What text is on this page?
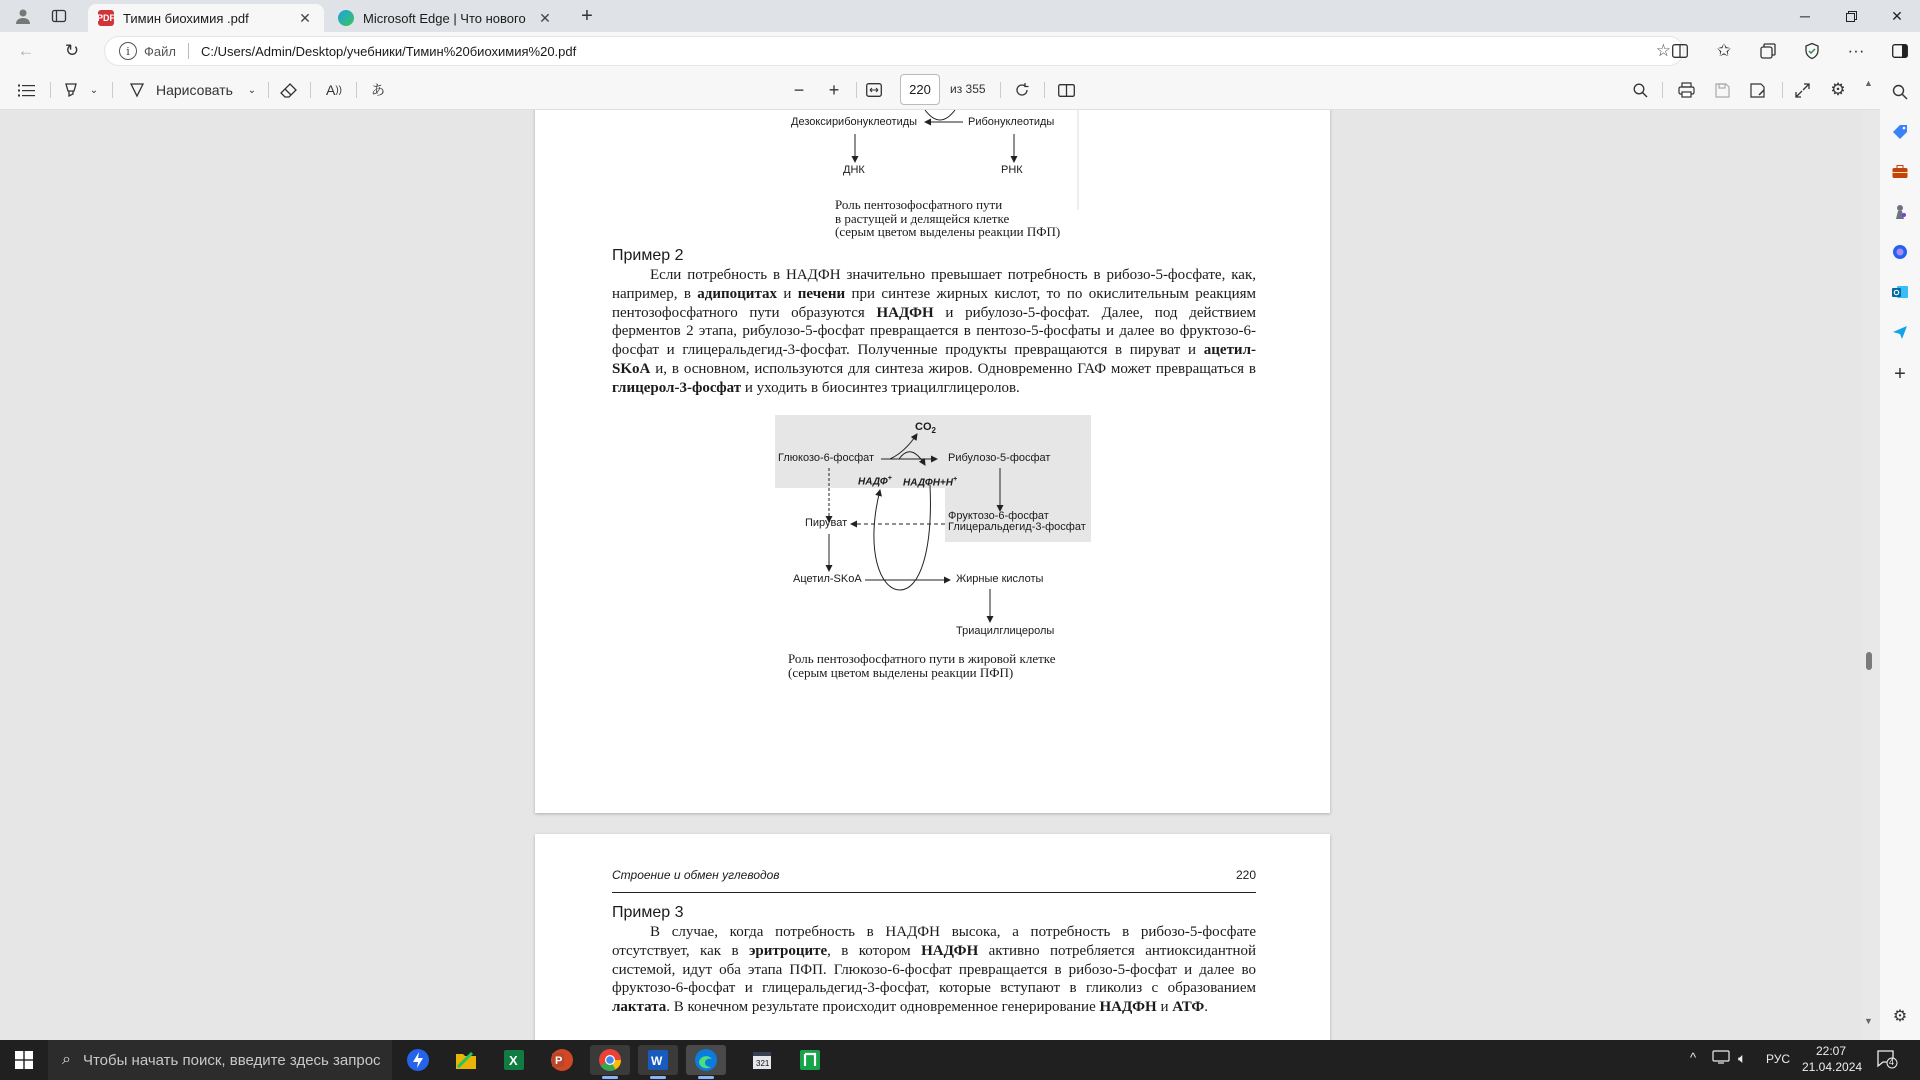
PDF Тимин биохимия .pdf	✕	Microsoft Edge | Что нового ✕	+	─	✕
←	↻	i	Файл C:/Users/Admin/Desktop/учебники/Тимин%20биохимия%20.pdf	☆	✩	···
⌄	Нарисовать	⌄	A ))	あ	−	+	220	из 355	⚙
Дезоксирибонуклеотиды	Рибонуклеотиды
ДНК	РНК
Роль пентозофосфатного пути
в растущей и делящейся клетке
(серым цветом выделены реакции ПФП)
Пример 2
Если потребность в НАДФН значительно превышает потребность в рибозо-5-фосфате, как, например, в адипоцитах и печени при синтезе жирных кислот, то по окислительным реакциям пентозофосфатного пути образуются НАДФН и рибулозо-5-фосфат. Далее, под действием ферментов 2 этапа, рибулозо-5-фосфат превращается в пентозо-5-фосфаты и далее во фруктозо-6-фосфат и глицеральдегид-3-фосфат. Полученные продукты превращаются в пируват и ацетил-SKoA и, в основном, используются для синтеза жиров. Одновременно ГАФ может превращаться в глицерол-3-фосфат и уходить в биосинтез триацилглицеролов.
$CO_2$
Глюкозо-6-фосфат	Рибулозо-5-фосфат
НАДФ+ НАДФН+Н+
Пируват
Фруктозо-6-фосфат
Глицеральдегид-3-фосфат
Ацетил-SKoA	Жирные кислоты
Триацилглицеролы
Роль пентозофосфатного пути в жировой клетке
(серым цветом выделены реакции ПФП)
Строение и обмен углеводов	220
Пример 3
В случае, когда потребность в НАДФН высока, а потребность в рибозо-5-фосфате отсутствует, как в эритроците, в котором НАДФН активно потребляется антиоксидантной системой, идут оба этапа ПФП. Глюкозо-6-фосфат превращается в рибозо-5-фосфат и далее во фруктозо-6-фосфат и глицеральдегид-3-фосфат, которые вступают в гликолиз с образованием лактата. В конечном результате происходит одновременное генерирование НАДФН и АТФ.
▲
▼
+
⚙
⌕ Чтобы начать поиск, введите здесь запрос	X	P	W	321	^	🔈︎ РУС
22:07
21.04.2024	4
